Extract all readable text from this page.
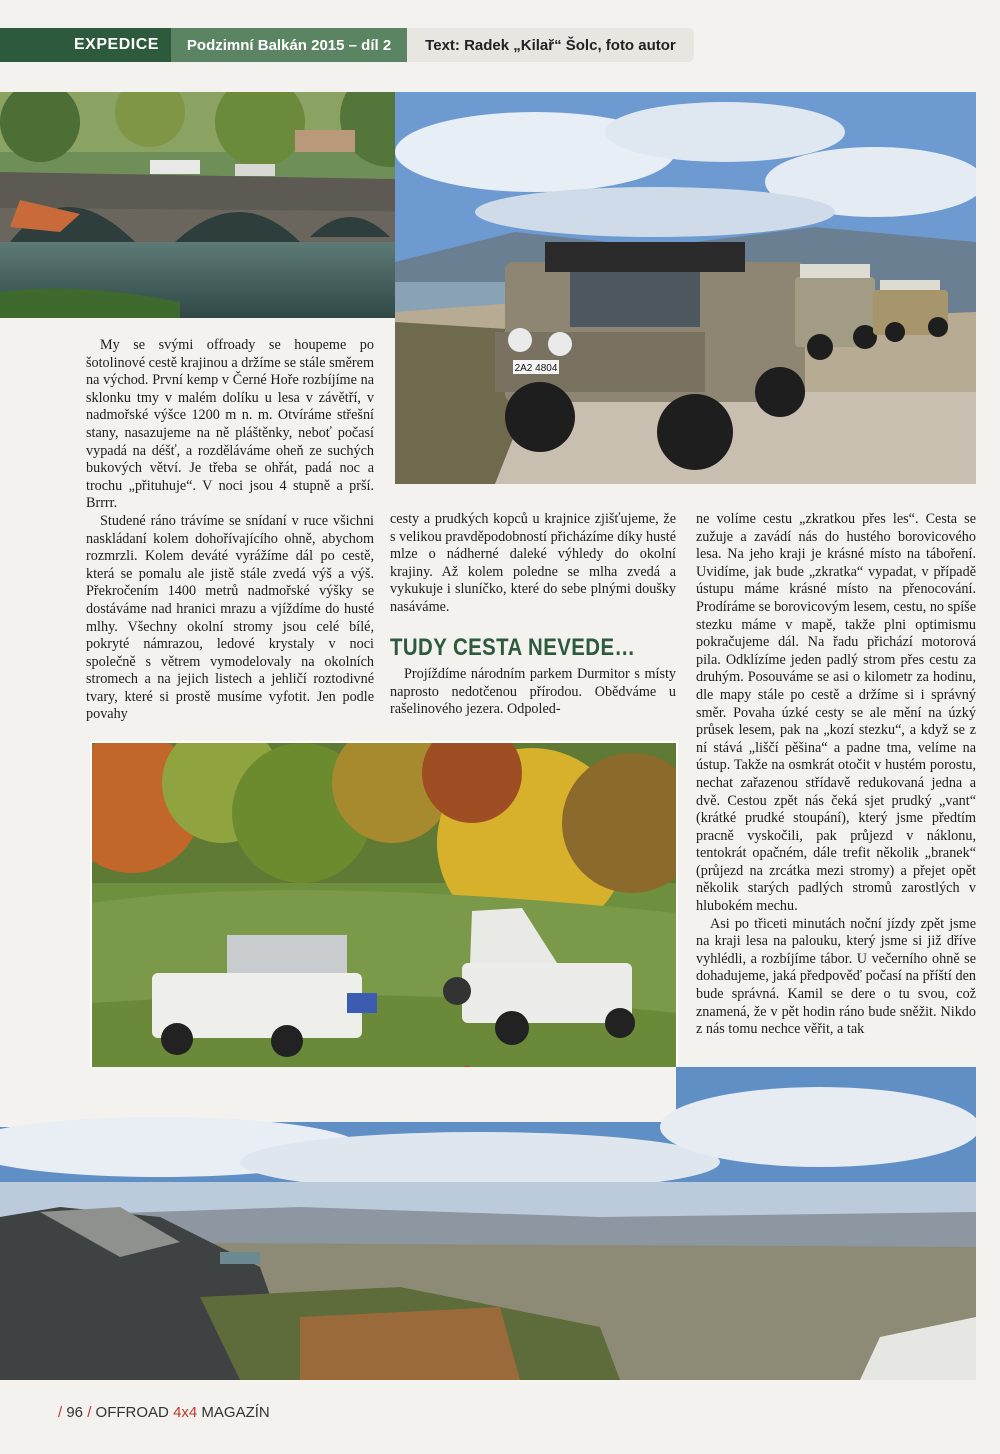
EXPEDICE	Podzimní Balkán 2015 – díl 2	Text: Radek „Kilař“ Šolc, foto autor
2A2 4804

My se svými offroady se houpeme po šotolinové cestě krajinou a držíme se stále směrem na východ. První kemp v Černé Hoře rozbíjíme na sklonku tmy v malém dolíku u lesa v závětří, v nadmořské výšce 1200 m n. m. Otvíráme střešní stany, nasazujeme na ně pláštěnky, neboť počasí vypadá na déšť, a rozděláváme oheň ze suchých bukových větví. Je třeba se ohřát, padá noc a trochu „přituhuje“. V noci jsou 4 stupně a prší. Brrrr.

Studené ráno trávíme se snídaní v ruce všichni naskládaní kolem dohořívajícího ohně, abychom rozmrzli. Kolem deváté vyrážíme dál po cestě, která se pomalu ale jistě stále zvedá výš a výš. Překročením 1400 metrů nadmořské výšky se dostáváme nad hranici mrazu a vjíždíme do husté mlhy. Všechny okolní stromy jsou celé bílé, pokryté námrazou, ledové krystaly v noci společně s větrem vymodelovaly na okolních stromech a na jejich listech a jehličí roztodivné tvary, které si prostě musíme vyfotit. Jen podle povahy

cesty a prudkých kopců u krajnice zjišťujeme, že s velikou pravděpodobností přicházíme díky husté mlze o nádherné daleké výhledy do okolní krajiny. Až kolem poledne se mlha zvedá a vykukuje i sluníčko, které do sebe plnými doušky nasáváme.

TUDY CESTA NEVEDE…

Projíždíme národním parkem Durmitor s místy naprosto nedotčenou přírodou. Obědváme u rašelinového jezera. Odpoled-

ne volíme cestu „zkratkou přes les“. Cesta se zužuje a zavádí nás do hustého borovicového lesa. Na jeho kraji je krásné místo na táboření. Uvidíme, jak bude „zkratka“ vypadat, v případě ústupu máme krásné místo na přenocování. Prodíráme se borovicovým lesem, cestu, no spíše stezku máme v mapě, takže plni optimismu pokračujeme dál. Na řadu přichází motorová pila. Odklízíme jeden padlý strom přes cestu za druhým. Posouváme se asi o kilometr za hodinu, dle mapy stále po cestě a držíme si i správný směr. Povaha úzké cesty se ale mění na úzký průsek lesem, pak na „kozí stezku“, a když se z ní stává „liščí pěšina“ a padne tma, velíme na ústup. Takže na osmkrát otočit v hustém porostu, nechat zařazenou střídavě redukovaná jedna a dvě. Cestou zpět nás čeká sjet prudký „vant“ (krátké prudké stoupání), který jsme předtím pracně vyskočili, pak průjezd v náklonu, tentokrát opačném, dále trefit několik „branek“ (průjezd na zrcátka mezi stromy) a přejet opět několik starých padlých stromů zarostlých v hlubokém mechu.

Asi po třiceti minutách noční jízdy zpět jsme na kraji lesa na palouku, který jsme si již dříve vyhlédli, a rozbíjíme tábor. U večerního ohně se dohadujeme, jaká předpověď počasí na příští den bude správná. Kamil se dere o tu svou, což znamená, že v pět hodin ráno bude sněžit. Nikdo z nás tomu nechce věřit, a tak

/ 96 / OFFROAD 4x4 MAGAZÍN
